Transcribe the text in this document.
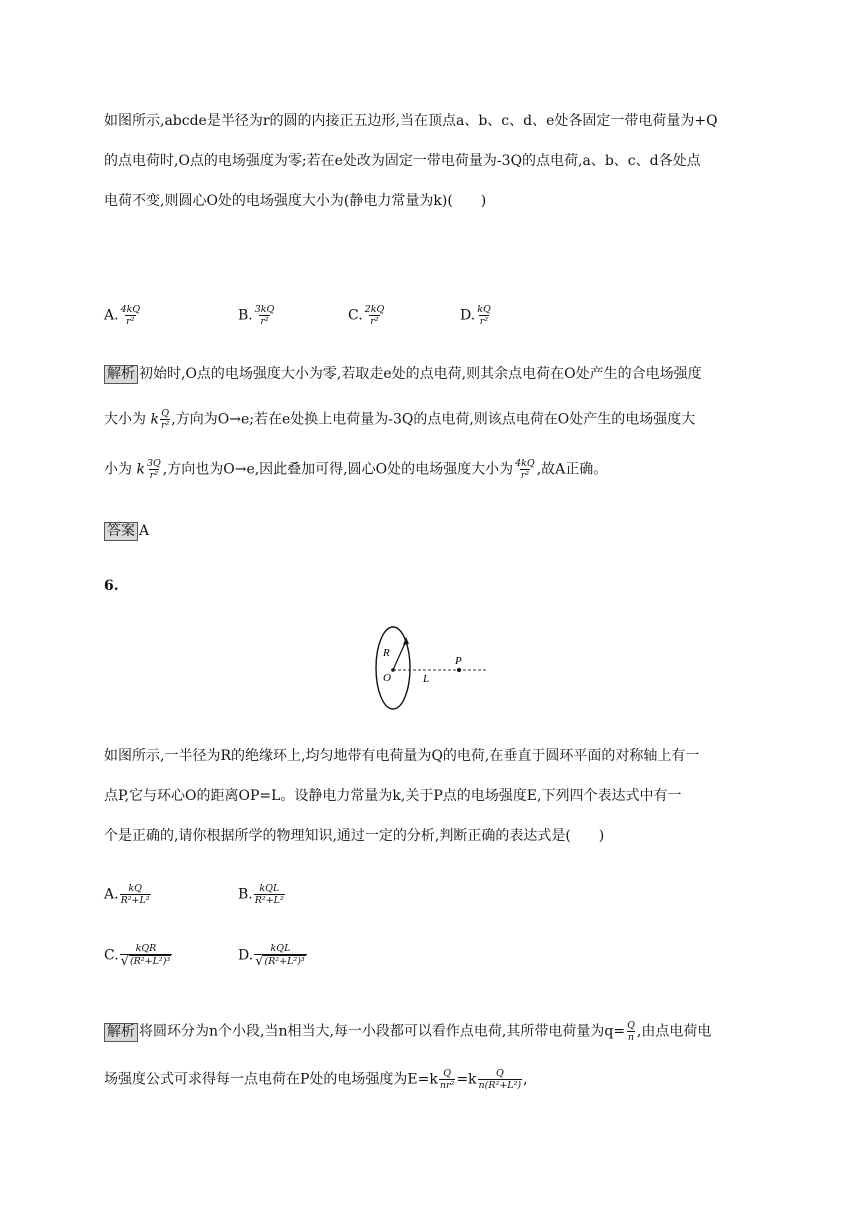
如图所示,abcde是半径为r的圆的内接正五边形,当在顶点a、b、c、d、e处各固定一带电荷量为+Q
的点电荷时,O点的电场强度为零;若在e处改为固定一带电荷量为-3Q的点电荷,a、b、c、d各处点
电荷不变,则圆心O处的电场强度大小为(静电力常量为k)(　　)
A. $\frac{4kQ}{\text{r²}}$	B. $\frac{3kQ}{\text{r²}}$	C. $\frac{2kQ}{\text{r²}}$	D. $\frac{kQ}{\text{r²}}$
解析 初始时,O点的电场强度大小为零,若取走e处的点电荷,则其余点电荷在O处产生的合电场强度
大小为 k $\frac{Q}{\text{r²}}$ ,方向为O→e;若在e处换上电荷量为-3Q的点电荷,则该点电荷在O处产生的电场强度大
小为 k $\frac{3Q}{\text{r²}}$ ,方向也为O→e,因此叠加可得,圆心O处的电场强度大小为 $\frac{4kQ}{\text{r²}}$ ,故A正确。
答案 A
6.
R
O	L
P
如图所示,一半径为R的绝缘环上,均匀地带有电荷量为Q的电荷,在垂直于圆环平面的对称轴上有一
点P,它与环心O的距离OP=L。设静电力常量为k,关于P点的电场强度E,下列四个表达式中有一
个是正确的,请你根据所学的物理知识,通过一定的分析,判断正确的表达式是(　　)
A. $\frac{kQ}{\text{R²+L²}}$	B. $\frac{\text{kQL}}{\text{R²+L²}}$
C. $\frac{\text{kQR}}{\text{√ (R²+L²)³}}$	D. $\frac{\text{kQL}}{\text{√ (R²+L²)³}}$
解析 将圆环分为n个小段,当n相当大,每一小段都可以看作点电荷,其所带电荷量为$q= \frac{Q}{n}$ ,由点电荷电
场强度公式可求得每一点电荷在P处的电场强度为$E=k \frac{Q}{\text{nr²}} =k \frac{Q}{\text{n(R²+L²)}}$ ,
